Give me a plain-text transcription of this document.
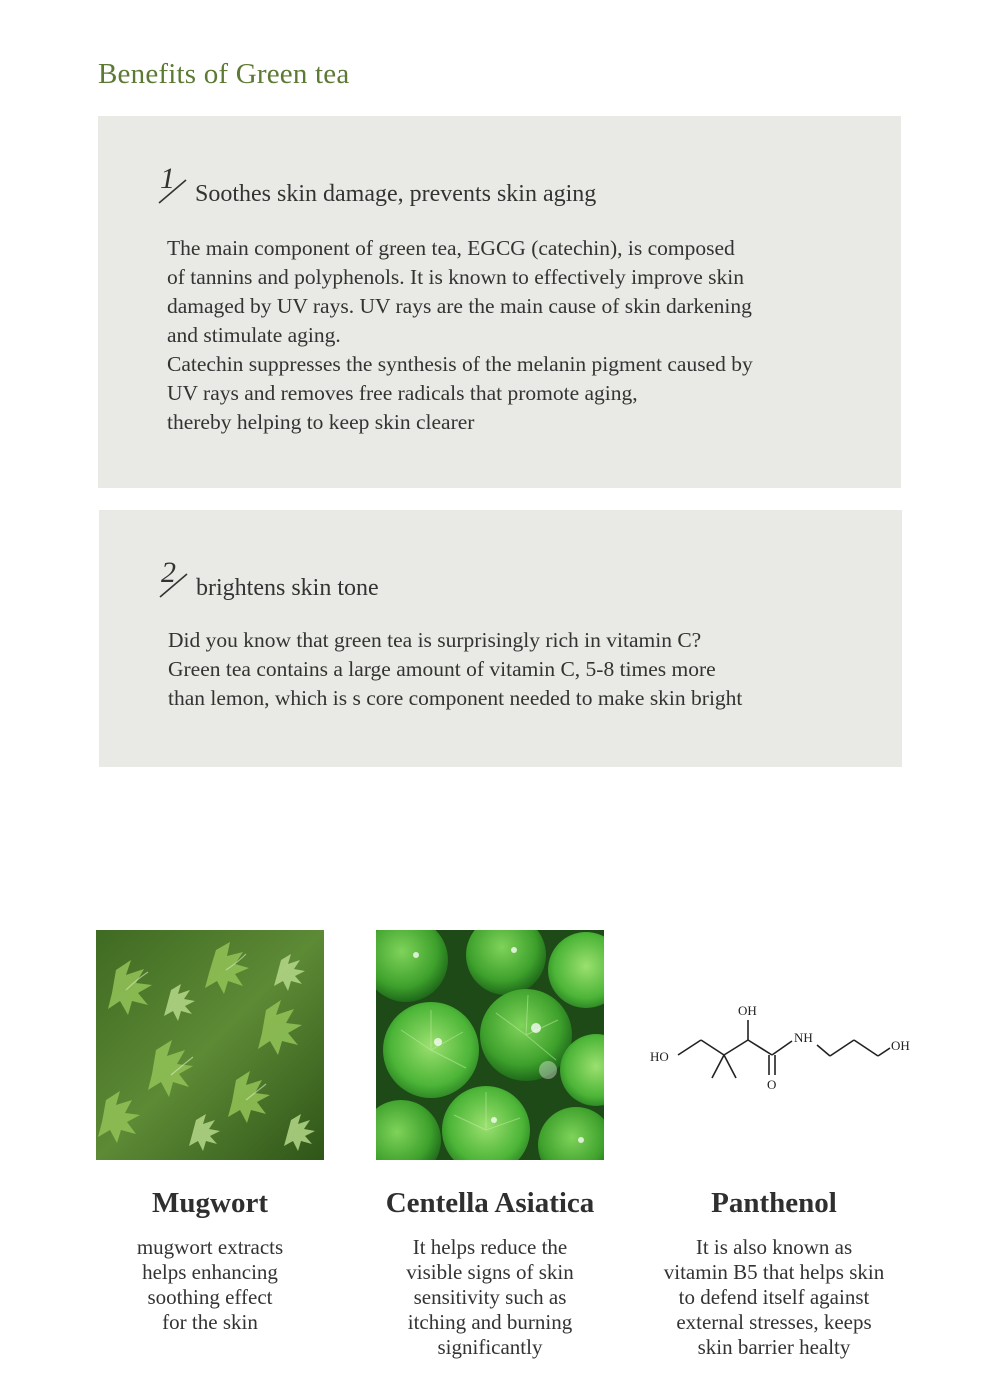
Benefits of Green tea
1 Soothes skin damage, prevents skin aging

The main component of green tea, EGCG (catechin), is composed
of tannins and polyphenols. It is known to effectively improve skin
damaged by UV rays. UV rays are the main cause of skin darkening
and stimulate aging.
Catechin suppresses the synthesis of the melanin pigment caused by
UV rays and removes free radicals that promote aging,
thereby helping to keep skin clearer

2 brightens skin tone

Did you know that green tea is surprisingly rich in vitamin C?
Green tea contains a large amount of vitamin C, 5-8 times more
than lemon, which is s core component needed to make skin bright

Mugwort

mugwort extracts
helps enhancing
soothing effect
for the skin

Centella Asiatica

It helps reduce the
visible signs of skin
sensitivity such as
itching and burning
significantly

HO
OH
NH
OH
O
Panthenol

It is also known as
vitamin B5 that helps skin
to defend itself against
external stresses, keeps
skin barrier healty
